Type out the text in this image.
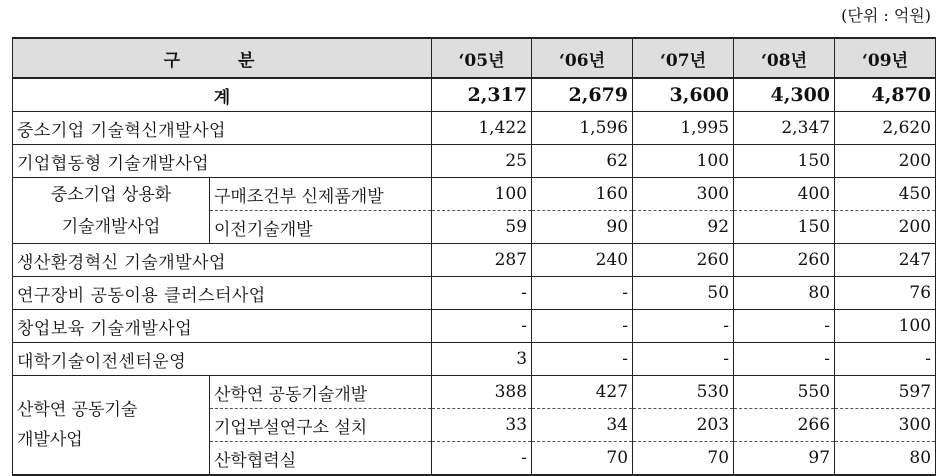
(단위 : 억원)
구 분		‘05년	‘06년	‘07년	‘08년	‘09년
계		2,317	2,679	3,600	4,300	4,870
중소기업 기술혁신개발사업		1,422	1,596	1,995	2,347	2,620
기업협동형 기술개발사업		25	62	100	150	200
중소기업 상용화
기술개발사업	구매조건부 신제품개발	100	160	300	400	450
	이전기술개발	59	90	92	150	200
생산환경혁신 기술개발사업		287	240	260	260	247
연구장비 공동이용 클러스터사업		-	-	50	80	76
창업보육 기술개발사업		-	-	-	-	100
대학기술이전센터운영		3	-	-	-	-
산학연 공동기술
개발사업	산학연 공동기술개발	388	427	530	550	597
	기업부설연구소 설치	33	34	203	266	300
	산학협력실	-	70	70	97	80
